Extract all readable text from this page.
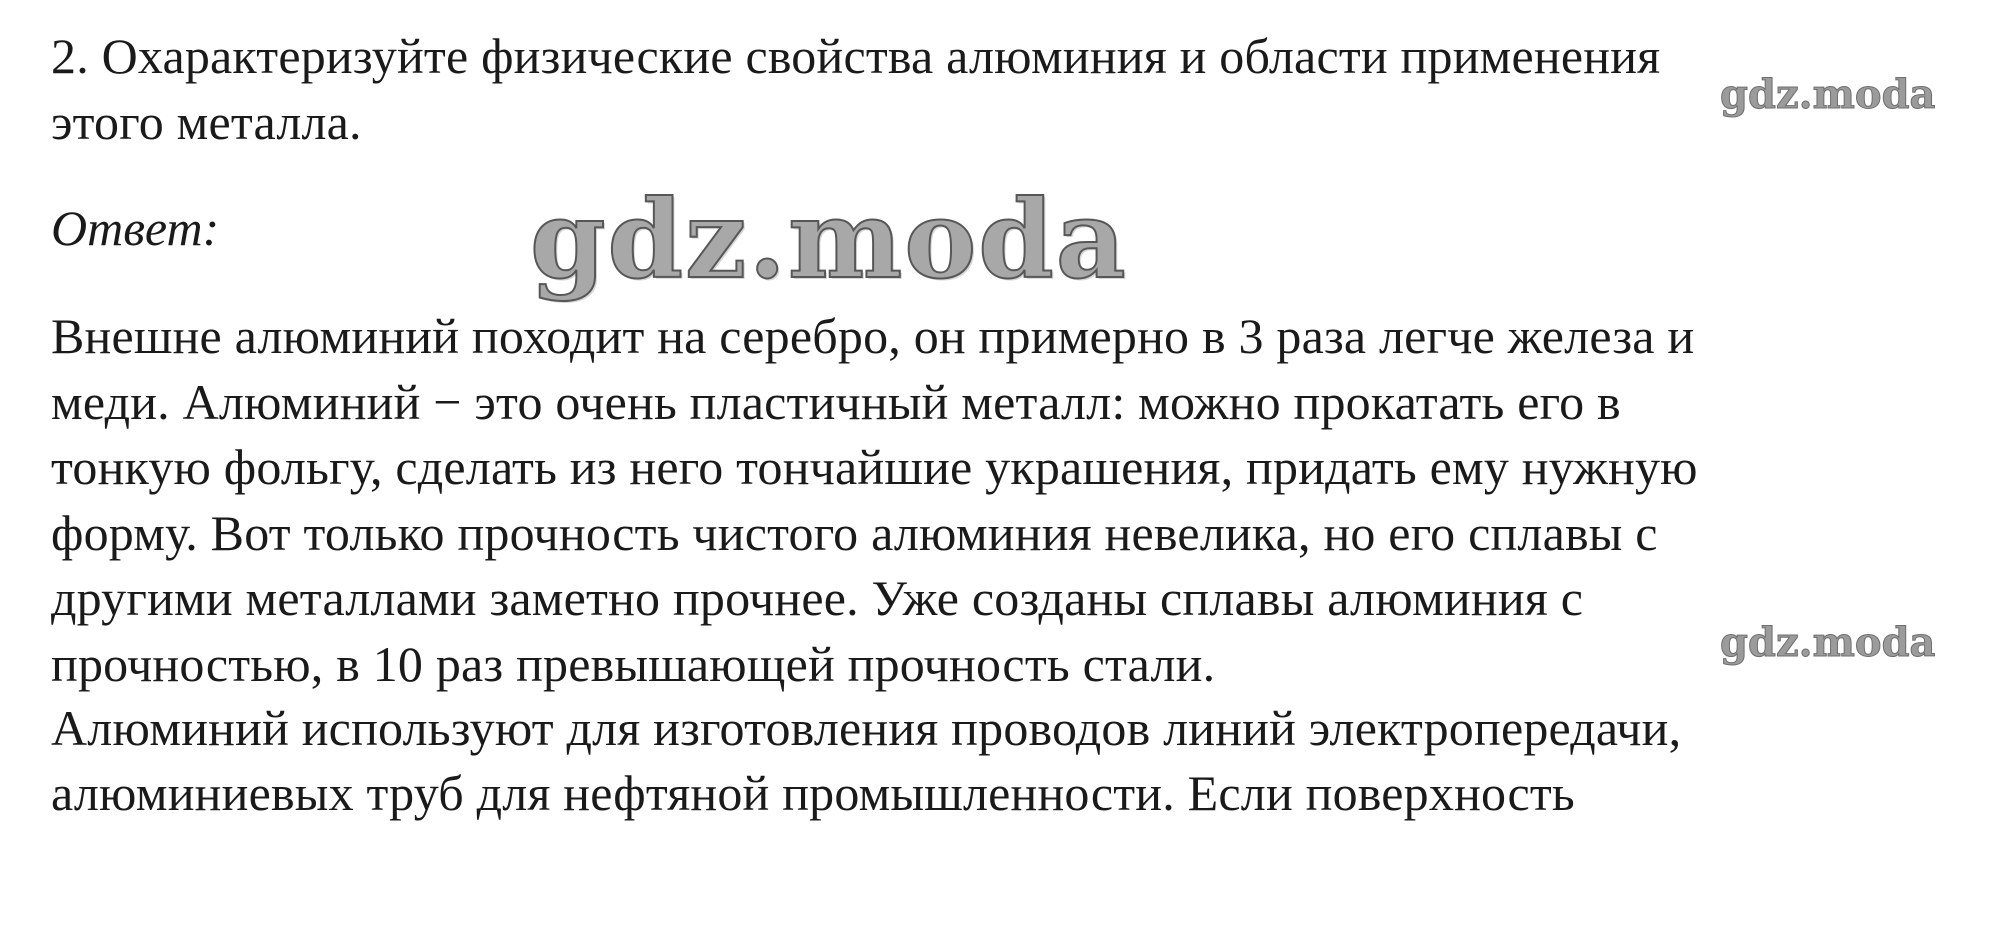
2. Охарактеризуйте физические свойства алюминия и области применения
этого металла.	gdz.moda
gdz.moda
Ответ:
Внешне алюминий походит на серебро, он примерно в 3 раза легче железа и
меди. Алюминий − это очень пластичный металл: можно прокатать его в
тонкую фольгу, сделать из него тончайшие украшения, придать ему нужную
форму. Вот только прочность чистого алюминия невелика, но его сплавы с
другими металлами заметно прочнее. Уже созданы сплавы алюминия с
прочностью, в 10 раз превышающей прочность стали.
Алюминий используют для изготовления проводов линий электропередачи,
алюминиевых труб для нефтяной промышленности. Если поверхность
gdz.moda
